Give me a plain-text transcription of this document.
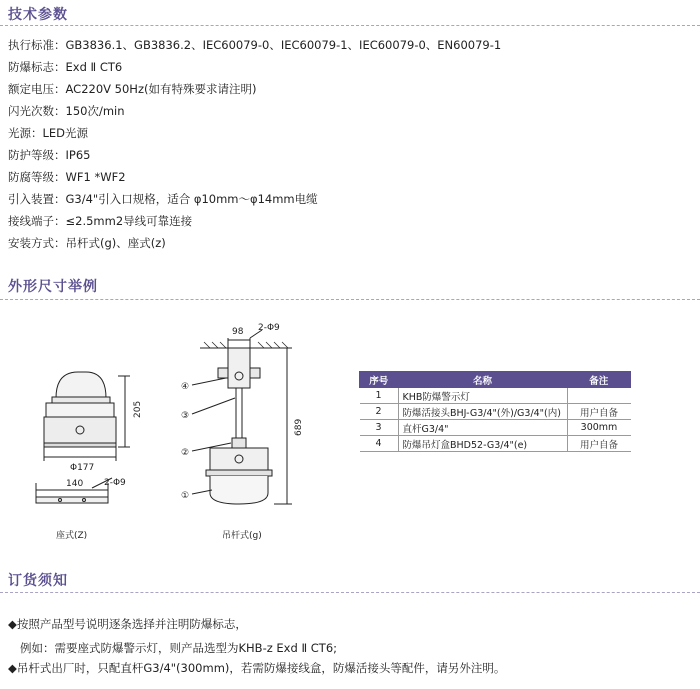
技术参数
执行标准：GB3836.1、GB3836.2、IEC60079-0、IEC60079-1、IEC60079-0、EN60079-1
防爆标志：Exd Ⅱ CT6
额定电压：AC220V 50Hz(如有特殊要求请注明)
闪光次数：150次/min
光源：LED光源
防护等级：IP65
防腐等级：WF1 *WF2
引入装置：G3/4"引入口规格，适合 φ10mm～φ14mm电缆
接线端子：≤2.5mm2导线可靠连接
安装方式：吊杆式(g)、座式(z)
外形尺寸举例
205
Φ177
140 2-Φ9
座式(Z)
98 2-Φ9
689
④
③
②
①
吊杆式(g)
序号	名称	备注
1	KHB防爆警示灯	
2	防爆活接头BHJ-G3/4"(外)/G3/4"(内)	用户自备
3	直杆G3/4"	300mm
4	防爆吊灯盒BHD52-G3/4"(e)	用户自备
订货须知
◆按照产品型号说明逐条选择并注明防爆标志，
例如：需要座式防爆警示灯，则产品选型为KHB-z Exd Ⅱ CT6;
◆吊杆式出厂时，只配直杆G3/4"(300mm)，若需防爆接线盒，防爆活接头等配件，请另外注明。
